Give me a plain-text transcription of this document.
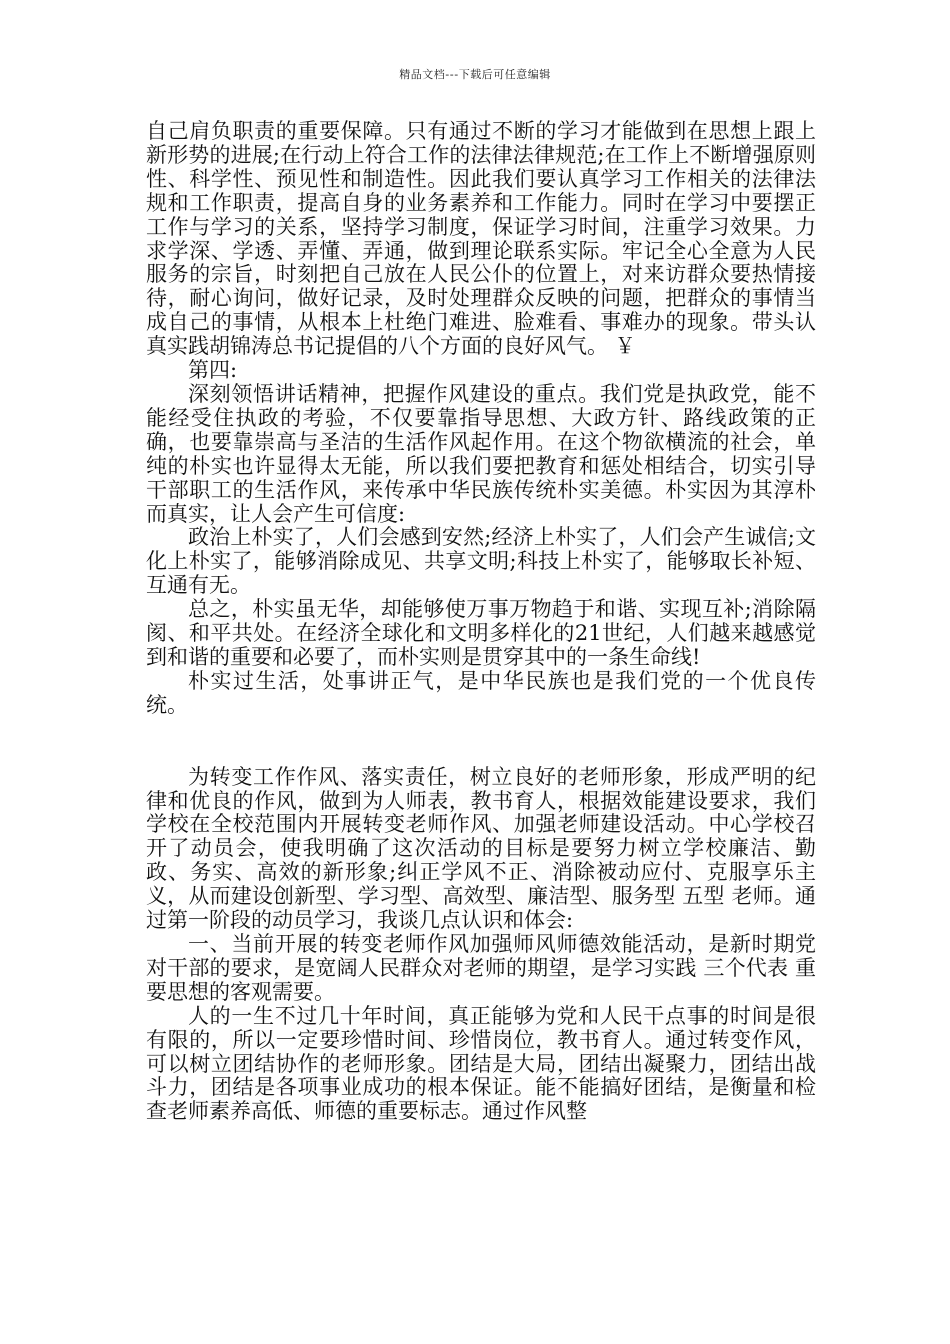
精品文档---下载后可任意编辑

自己肩负职责的重要保障。只有通过不断的学习才能做到在思想上跟上新形势的进展;在行动上符合工作的法律法律规范;在工作上不断增强原则性、科学性、预见性和制造性。因此我们要认真学习工作相关的法律法规和工作职责，提高自身的业务素养和工作能力。同时在学习中要摆正工作与学习的关系，坚持学习制度，保证学习时间，注重学习效果。力求学深、学透、弄懂、弄通，做到理论联系实际。牢记全心全意为人民服务的宗旨，时刻把自己放在人民公仆的位置上，对来访群众要热情接待，耐心询问，做好记录，及时处理群众反映的问题，把群众的事情当成自己的事情，从根本上杜绝门难进、脸难看、事难办的现象。带头认真实践胡锦涛总书记提倡的八个方面的良好风气。 ￥

第四:

深刻领悟讲话精神，把握作风建设的重点。我们党是执政党，能不能经受住执政的考验，不仅要靠指导思想、大政方针、路线政策的正确，也要靠崇高与圣洁的生活作风起作用。在这个物欲横流的社会，单纯的朴实也许显得太无能，所以我们要把教育和惩处相结合，切实引导干部职工的生活作风，来传承中华民族传统朴实美德。朴实因为其淳朴而真实，让人会产生可信度:

政治上朴实了，人们会感到安然;经济上朴实了，人们会产生诚信;文化上朴实了，能够消除成见、共享文明;科技上朴实了，能够取长补短、互通有无。

总之，朴实虽无华，却能够使万事万物趋于和谐、实现互补;消除隔阂、和平共处。在经济全球化和文明多样化的21世纪，人们越来越感觉到和谐的重要和必要了，而朴实则是贯穿其中的一条生命线!

朴实过生活，处事讲正气，是中华民族也是我们党的一个优良传统。

为转变工作作风、落实责任，树立良好的老师形象，形成严明的纪律和优良的作风，做到为人师表，教书育人，根据效能建设要求，我们学校在全校范围内开展转变老师作风、加强老师建设活动。中心学校召开了动员会，使我明确了这次活动的目标是要努力树立学校廉洁、勤政、务实、高效的新形象;纠正学风不正、消除被动应付、克服享乐主义，从而建设创新型、学习型、高效型、廉洁型、服务型 五型 老师。通过第一阶段的动员学习，我谈几点认识和体会:

一、当前开展的转变老师作风加强师风师德效能活动，是新时期党对干部的要求，是宽阔人民群众对老师的期望，是学习实践 三个代表 重要思想的客观需要。

人的一生不过几十年时间，真正能够为党和人民干点事的时间是很有限的，所以一定要珍惜时间、珍惜岗位，教书育人。通过转变作风，可以树立团结协作的老师形象。团结是大局，团结出凝聚力，团结出战斗力，团结是各项事业成功的根本保证。能不能搞好团结，是衡量和检查老师素养高低、师德的重要标志。通过作风整
